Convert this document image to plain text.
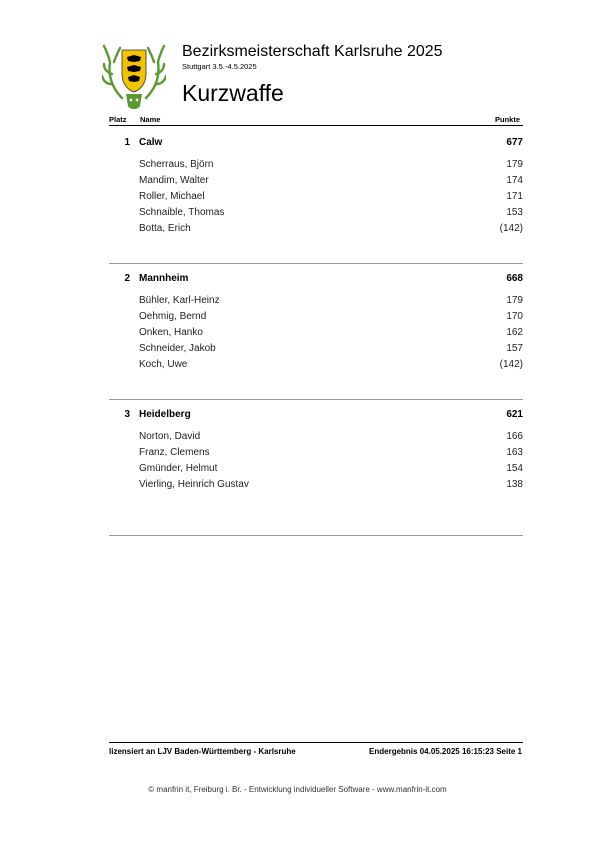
Bezirksmeisterschaft Karlsruhe 2025
Stuttgart 3.5.-4.5.2025
Kurzwaffe
Platz Name	Punkte
1 Calw	677
Scherraus, Björn	179
Mandim, Walter	174
Roller, Michael	171
Schnaible, Thomas	153
Botta, Erich	(142)
2 Mannheim	668
Bühler, Karl-Heinz	179
Oehmig, Bernd	170
Onken, Hanko	162
Schneider, Jakob	157
Koch, Uwe	(142)
3 Heidelberg	621
Norton, David	166
Franz, Clemens	163
Gmünder, Helmut	154
Vierling, Heinrich Gustav	138
lizensiert an LJV Baden-Württemberg - Karlsruhe	Endergebnis 04.05.2025 16:15:23 Seite 1
© manfrin it, Freiburg i. Br. - Entwicklung individueller Software - www.manfrin-it.com
